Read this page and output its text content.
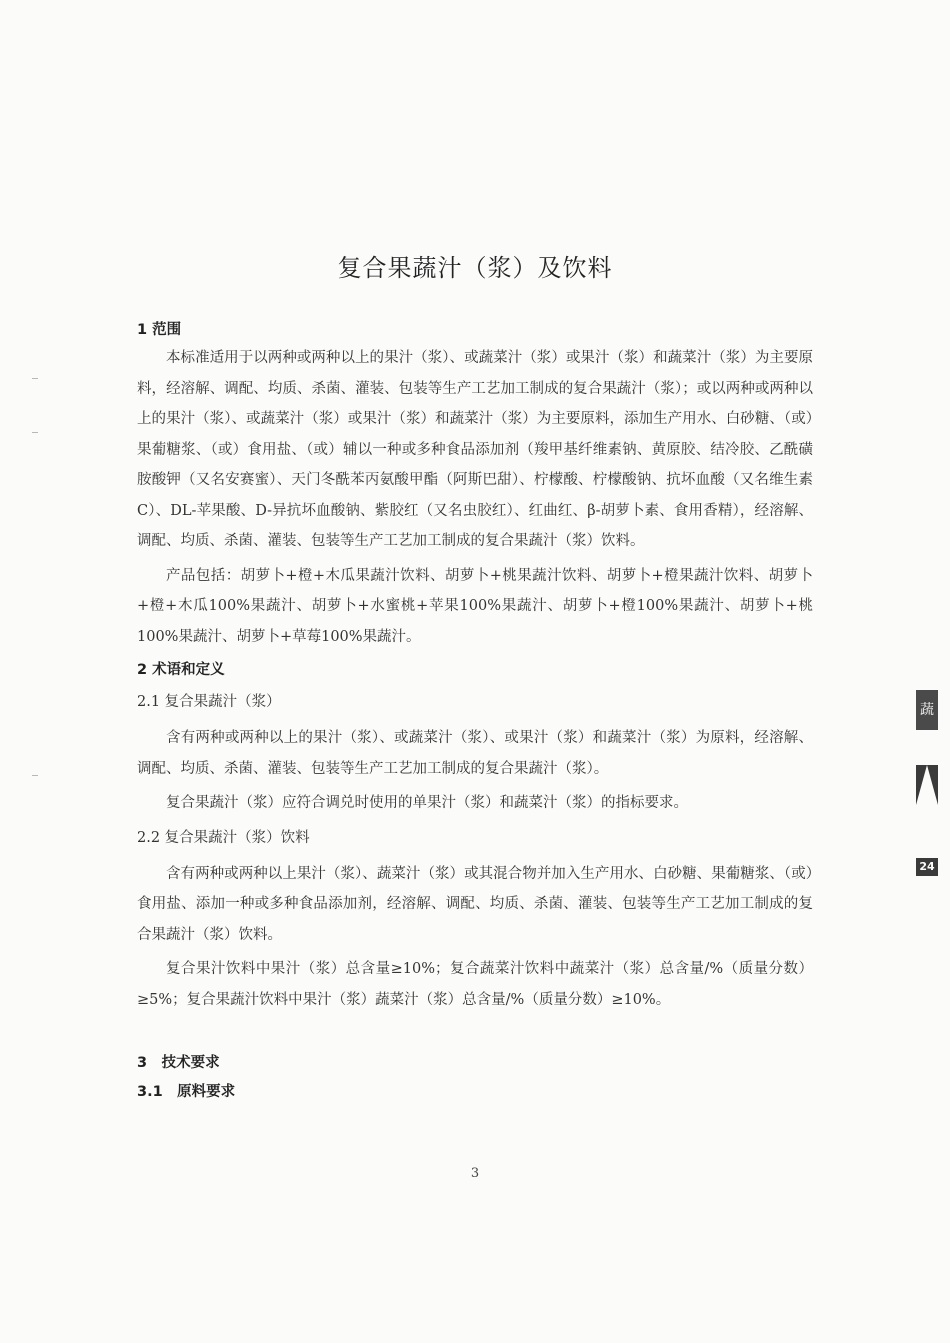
复合果蔬汁（浆）及饮料
1 范围

本标准适用于以两种或两种以上的果汁（浆）、或蔬菜汁（浆）或果汁（浆）和蔬菜汁（浆）为主要原料，经溶解、调配、均质、杀菌、灌装、包装等生产工艺加工制成的复合果蔬汁（浆）；或以两种或两种以上的果汁（浆）、或蔬菜汁（浆）或果汁（浆）和蔬菜汁（浆）为主要原料，添加生产用水、白砂糖、（或）果葡糖浆、（或）食用盐、（或）辅以一种或多种食品添加剂（羧甲基纤维素钠、黄原胶、结冷胶、乙酰磺胺酸钾（又名安赛蜜）、天门冬酰苯丙氨酸甲酯（阿斯巴甜）、柠檬酸、柠檬酸钠、抗坏血酸（又名维生素C）、DL-苹果酸、D-异抗坏血酸钠、紫胶红（又名虫胶红）、红曲红、β-胡萝卜素、食用香精），经溶解、调配、均质、杀菌、灌装、包装等生产工艺加工制成的复合果蔬汁（浆）饮料。

产品包括：胡萝卜+橙+木瓜果蔬汁饮料、胡萝卜+桃果蔬汁饮料、胡萝卜+橙果蔬汁饮料、胡萝卜+橙+木瓜100%果蔬汁、胡萝卜+水蜜桃+苹果100%果蔬汁、胡萝卜+橙100%果蔬汁、胡萝卜+桃100%果蔬汁、胡萝卜+草莓100%果蔬汁。

2 术语和定义
2.1 复合果蔬汁（浆）

含有两种或两种以上的果汁（浆）、或蔬菜汁（浆）、或果汁（浆）和蔬菜汁（浆）为原料，经溶解、调配、均质、杀菌、灌装、包装等生产工艺加工制成的复合果蔬汁（浆）。

复合果蔬汁（浆）应符合调兑时使用的单果汁（浆）和蔬菜汁（浆）的指标要求。

2.2 复合果蔬汁（浆）饮料

含有两种或两种以上果汁（浆）、蔬菜汁（浆）或其混合物并加入生产用水、白砂糖、果葡糖浆、（或）食用盐、添加一种或多种食品添加剂，经溶解、调配、均质、杀菌、灌装、包装等生产工艺加工制成的复合果蔬汁（浆）饮料。

复合果汁饮料中果汁（浆）总含量≥10%；复合蔬菜汁饮料中蔬菜汁（浆）总含量/%（质量分数）≥5%；复合果蔬汁饮料中果汁（浆）蔬菜汁（浆）总含量/%（质量分数）≥10%。

3　技术要求
3.1　原料要求
3
蔬
24
